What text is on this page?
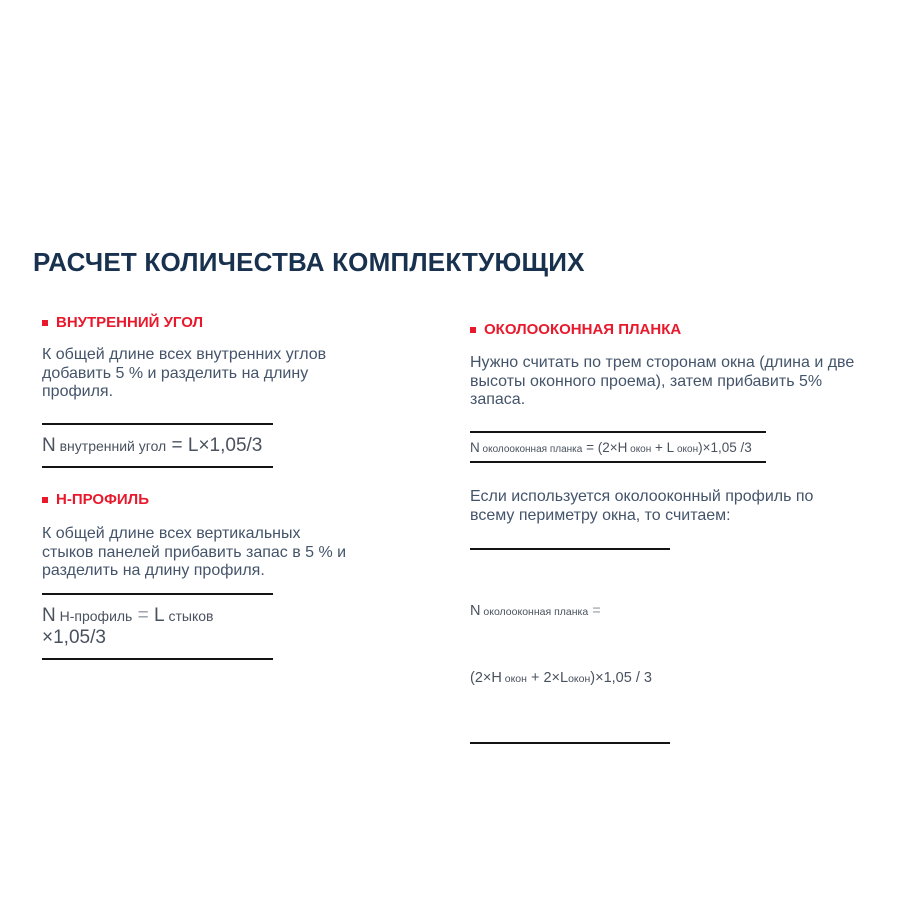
РАСЧЕТ КОЛИЧЕСТВА КОМПЛЕКТУЮЩИХ
ВНУТРЕННИЙ УГОЛ

К общей длине всех внутренних углов добавить 5 % и разделить на длину профиля.

N внутренний угол = L×1,05/3
Н-ПРОФИЛЬ

К общей длине всех вертикальных стыков панелей прибавить запас в 5 % и разделить на длину профиля.

N Н-профиль = L стыков ×1,05/3
ОКОЛООКОННАЯ ПЛАНКА

Нужно считать по трем сторонам окна (длина и две высоты оконного проема), затем прибавить 5% запаса.

N околооконная планка = (2×H окон + L окон)×1,05 /3

Если используется околооконный профиль по всему периметру окна, то считаем:

N околооконная планка =

(2×H окон + 2×Lокон)×1,05 / 3
